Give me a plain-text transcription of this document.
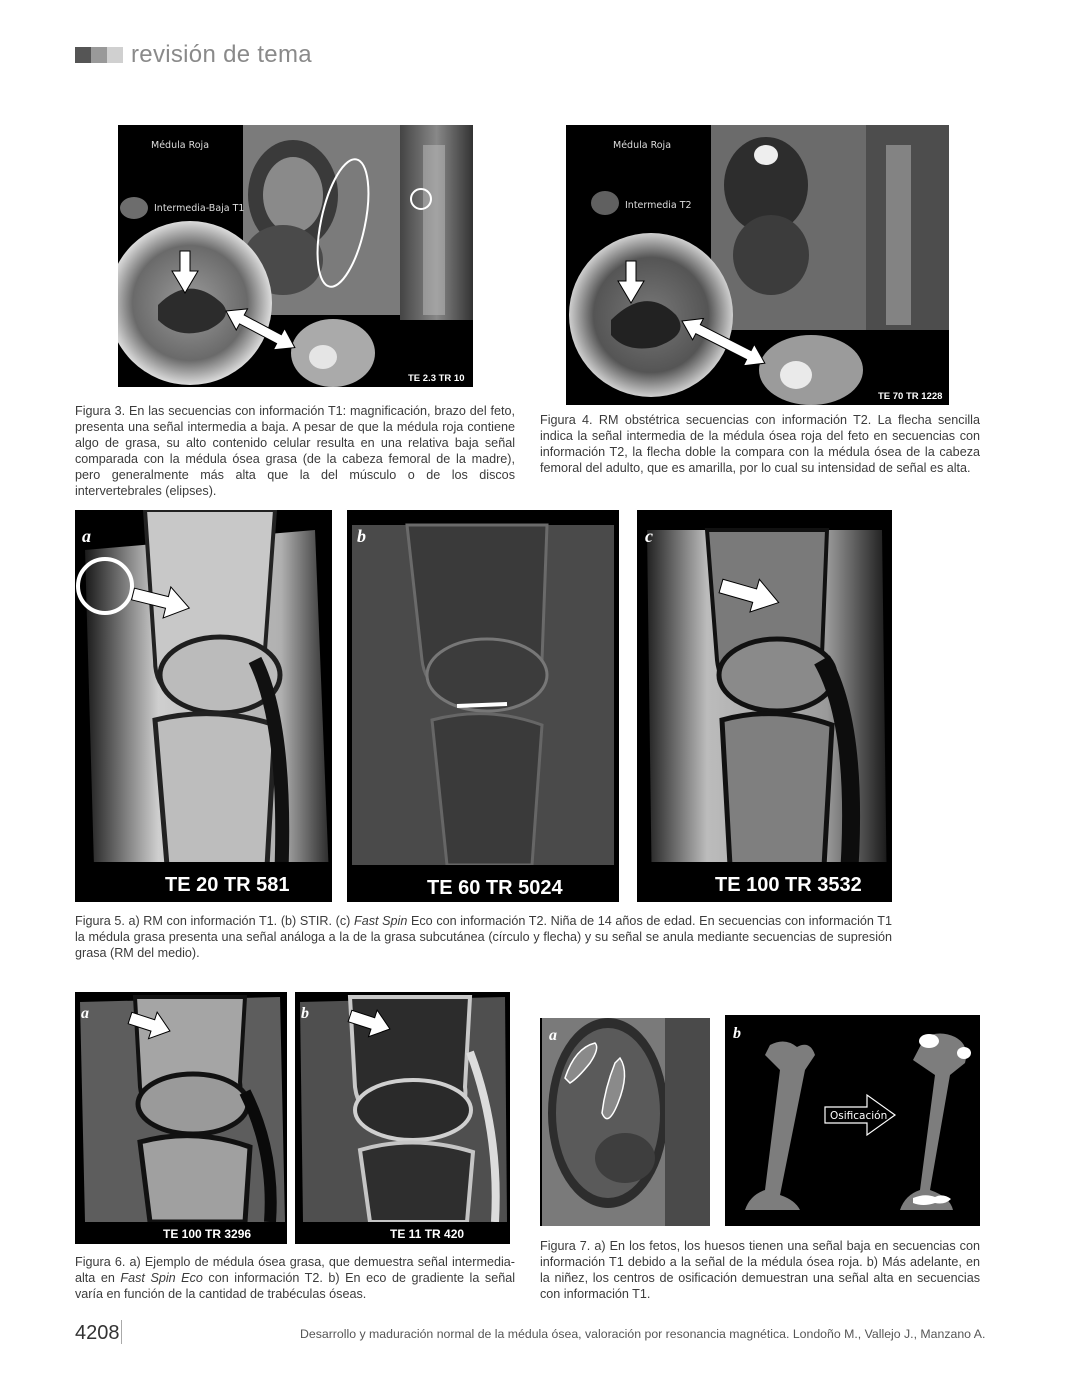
revisión de tema
Médula Roja
Intermedia-Baja T1
TE 2.3 TR 10
Figura 3. En las secuencias con información T1: magnificación, brazo del feto, presenta una señal intermedia a baja. A pesar de que la médula roja contiene algo de grasa, su alto contenido celular resulta en una relativa baja señal comparada con la médula ósea grasa (de la cabeza femoral de la madre), pero generalmente más alta que la del músculo o de los discos intervertebrales (elipses).
Médula Roja
Intermedia T2
TE 70 TR 1228
Figura 4. RM obstétrica secuencias con información T2. La flecha sencilla indica la señal intermedia de la médula ósea roja del feto en secuencias con información T2, la flecha doble la compara con la médula ósea de la cabeza femoral del adulto, que es amarilla, por lo cual su intensidad de señal es alta.
a
TE 20 TR 581
b
TE 60 TR 5024
c
TE 100 TR 3532
Figura 5. a) RM con información T1. (b) STIR. (c) Fast Spin Eco con información T2. Niña de 14 años de edad. En secuencias con información T1 la médula grasa presenta una señal análoga a la de la grasa subcutánea (círculo y flecha) y su señal se anula mediante secuencias de supresión grasa (RM del medio).
a
TE 100 TR 3296
b
TE 11 TR 420
Figura 6. a) Ejemplo de médula ósea grasa, que demuestra señal intermedia-alta en Fast Spin Eco con información T2. b) En eco de gradiente la señal varía en función de la cantidad de trabéculas óseas.
a
Osificación
b
Figura 7. a) En los fetos, los huesos tienen una señal baja en secuencias con información T1 debido a la señal de la médula ósea roja. b) Más adelante, en la niñez, los centros de osificación demuestran una señal alta en secuencias con información T1.
4208	Desarrollo y maduración normal de la médula ósea, valoración por resonancia magnética. Londoño M., Vallejo J., Manzano A.
